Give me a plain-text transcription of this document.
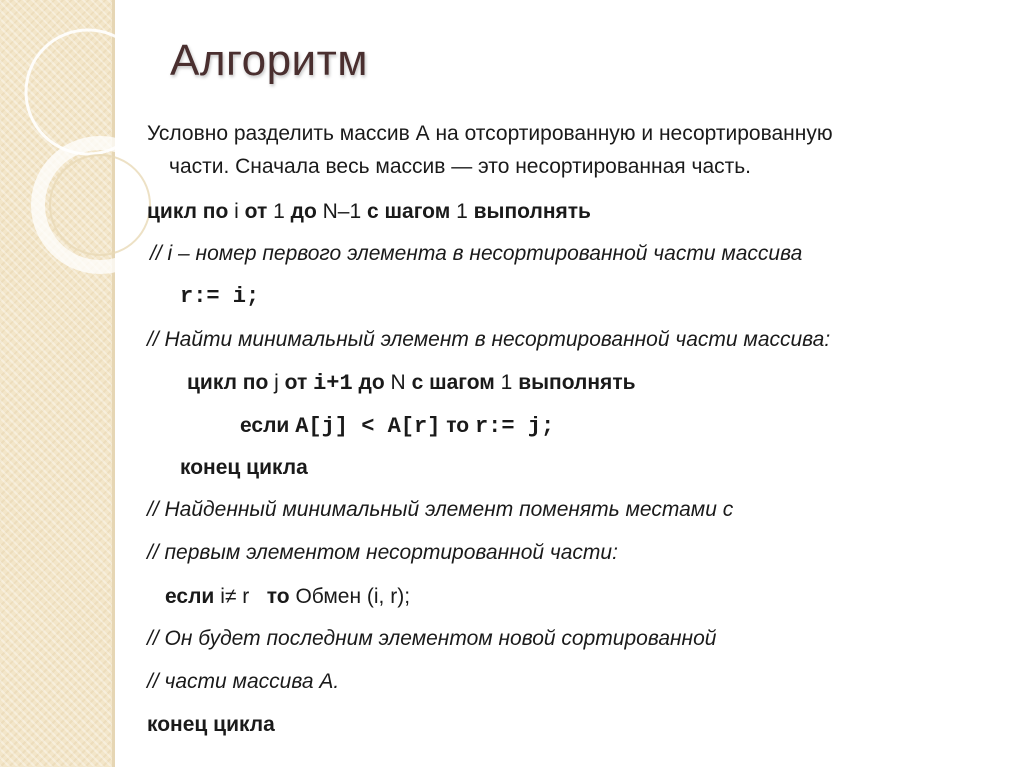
Алгоритм
Условно разделить массив А на отсортированную и несортированную
части. Сначала весь массив — это несортированная часть.
цикл по i от 1 до N–1 с шагом 1 выполнять
// i – номер первого элемента в несортированной части массива
r:= i;
// Найти минимальный элемент в несортированной части массива:
цикл по j от i+1 до N с шагом 1 выполнять
если A[j] < A[r] то r:= j;
конец цикла
// Найденный минимальный элемент поменять местами с
// первым элементом несортированной части:
если i≠ r то Обмен (i, r);
// Он будет последним элементом новой сортированной
// части массива А.
конец цикла
